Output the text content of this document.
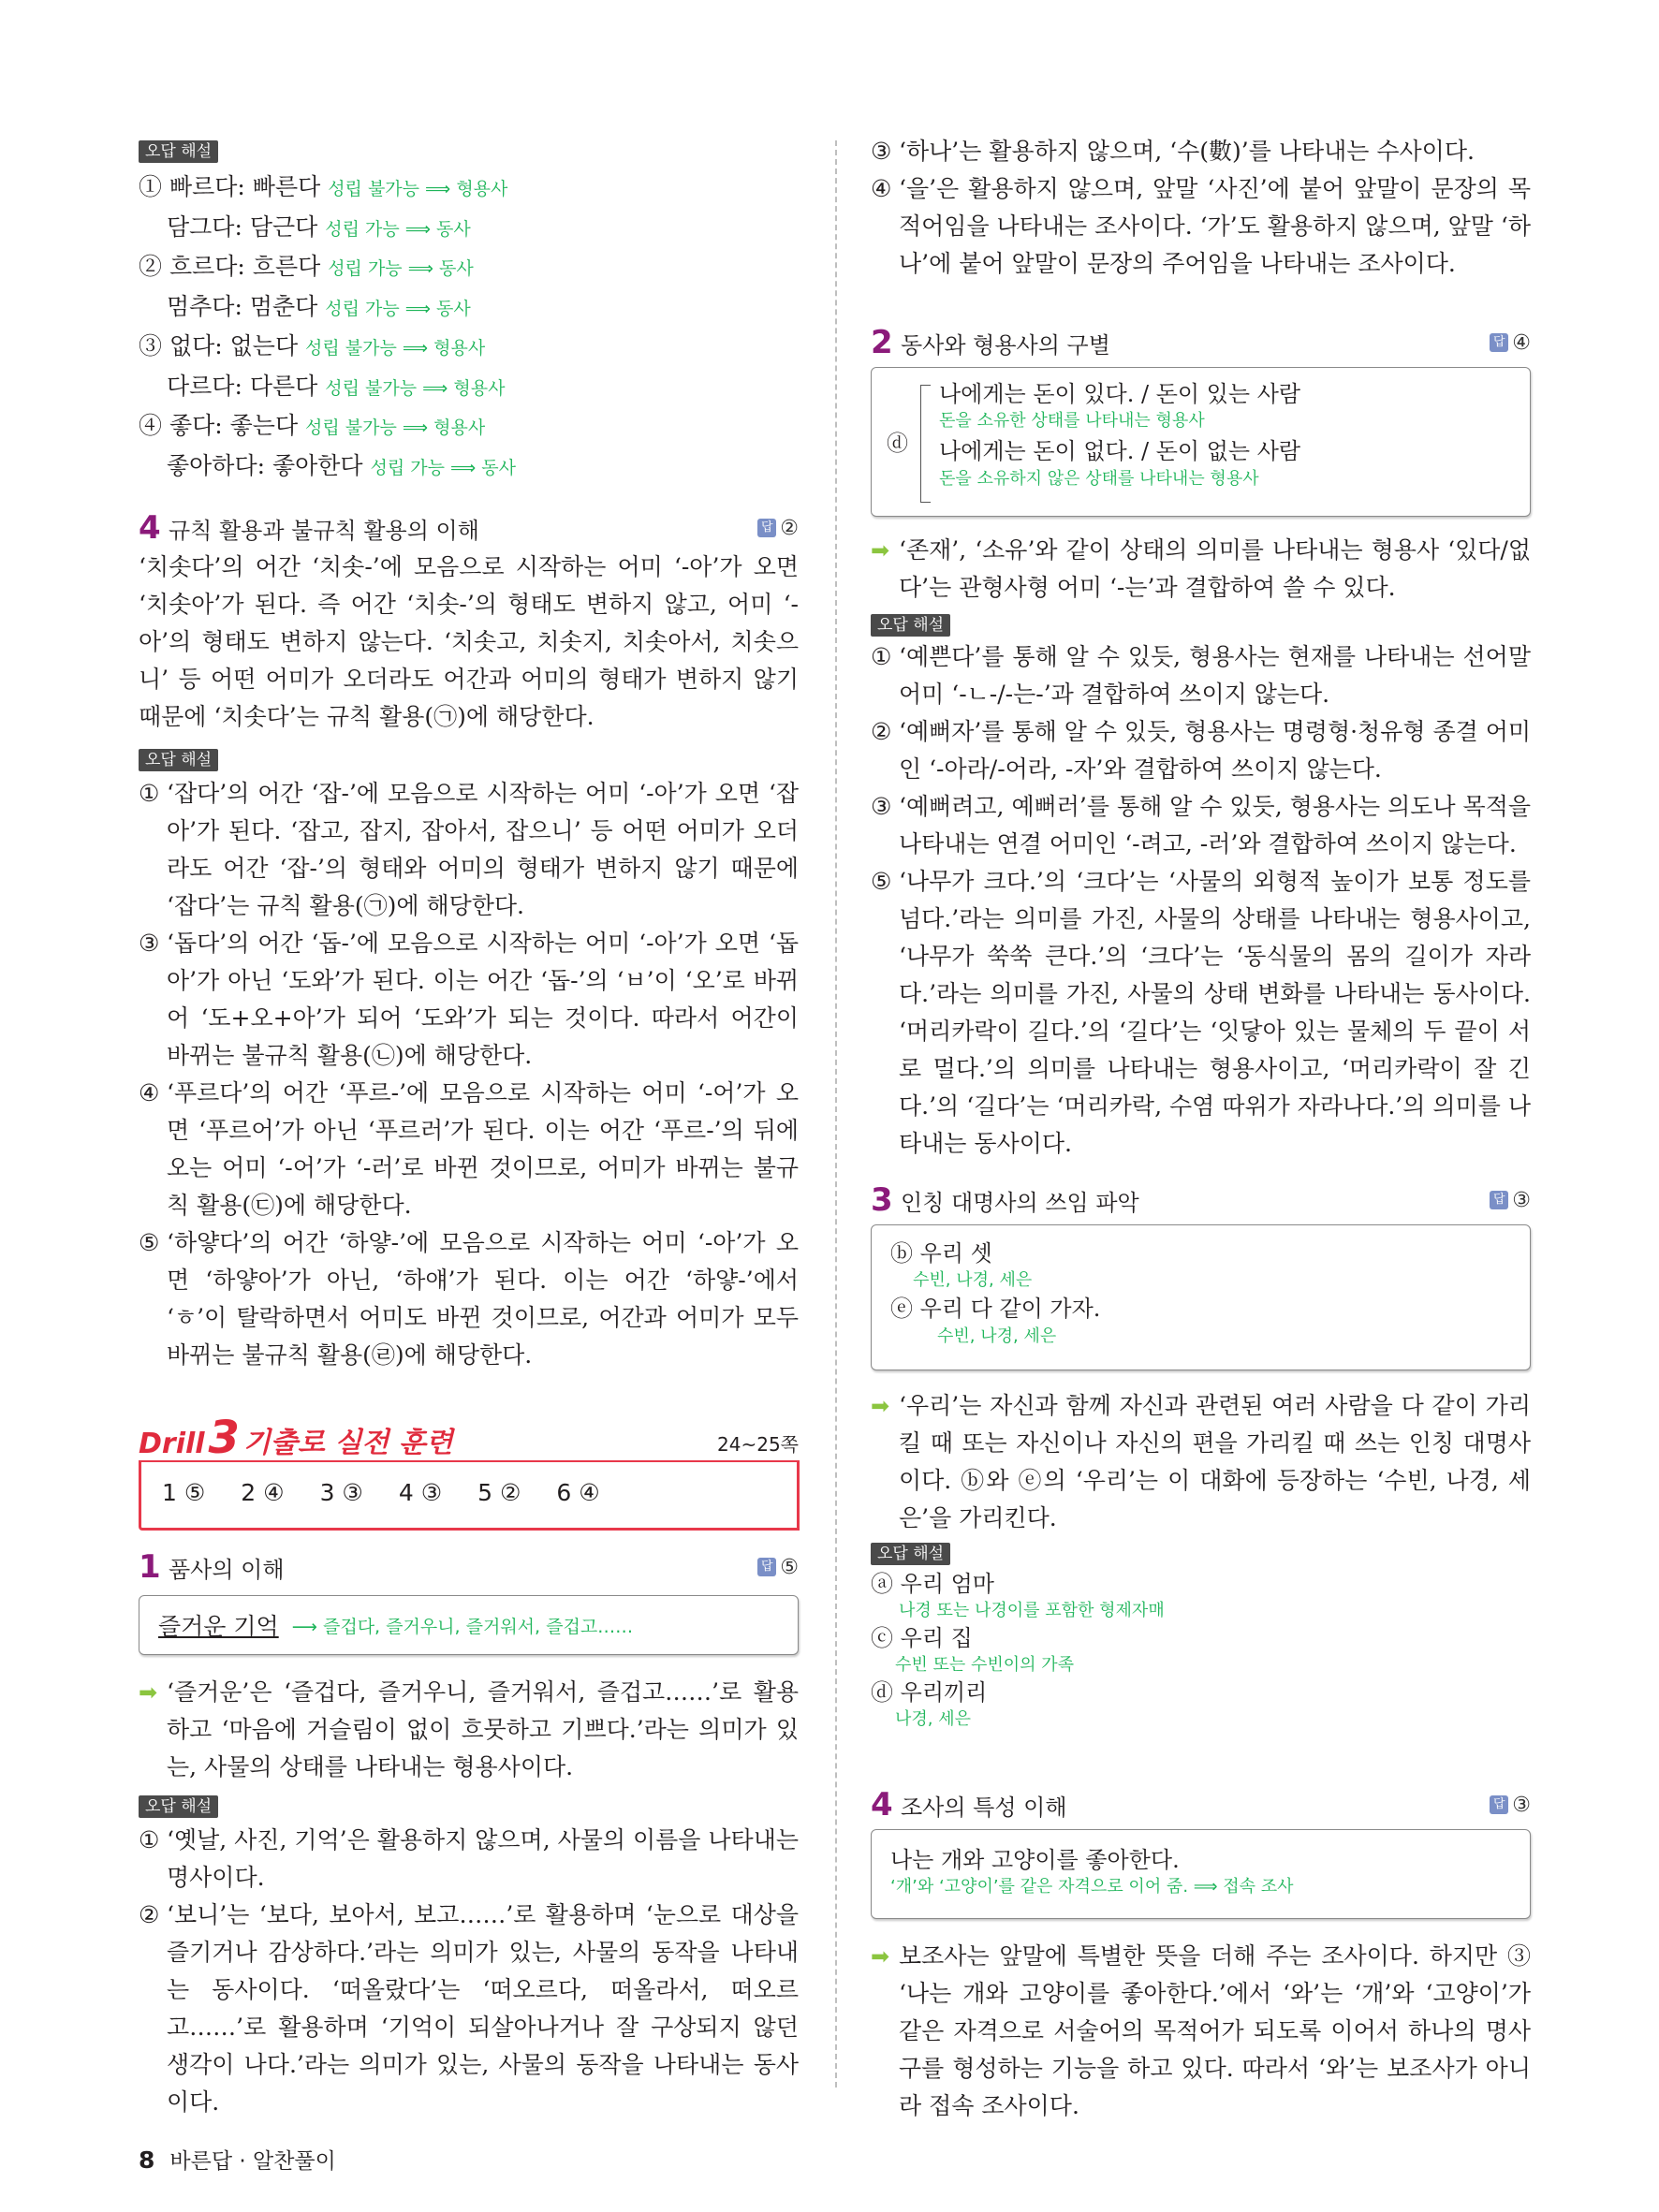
오답 해설
① 빠르다: 빠른다 성립 불가능 ⟹ 형용사
담그다: 담근다 성립 가능 ⟹ 동사
② 흐르다: 흐른다 성립 가능 ⟹ 동사
멈추다: 멈춘다 성립 가능 ⟹ 동사
③ 없다: 없는다 성립 불가능 ⟹ 형용사
다르다: 다른다 성립 불가능 ⟹ 형용사
④ 좋다: 좋는다 성립 불가능 ⟹ 형용사
좋아하다: 좋아한다 성립 가능 ⟹ 동사
4 규칙 활용과 불규칙 활용의 이해	답 ②

‘치솟다’의 어간 ‘치솟-’에 모음으로 시작하는 어미 ‘-아’가 오면 ‘치솟아’가 된다. 즉 어간 ‘치솟-’의 형태도 변하지 않고, 어미 ‘-아’의 형태도 변하지 않는다. ‘치솟고, 치솟지, 치솟아서, 치솟으니’ 등 어떤 어미가 오더라도 어간과 어미의 형태가 변하지 않기 때문에 ‘치솟다’는 규칙 활용(㉠)에 해당한다.

오답 해설

① ‘잡다’의 어간 ‘잡-’에 모음으로 시작하는 어미 ‘-아’가 오면 ‘잡아’가 된다. ‘잡고, 잡지, 잡아서, 잡으니’ 등 어떤 어미가 오더라도 어간 ‘잡-’의 형태와 어미의 형태가 변하지 않기 때문에 ‘잡다’는 규칙 활용(㉠)에 해당한다.

③ ‘돕다’의 어간 ‘돕-’에 모음으로 시작하는 어미 ‘-아’가 오면 ‘돕아’가 아닌 ‘도와’가 된다. 이는 어간 ‘돕-’의 ‘ㅂ’이 ‘오’로 바뀌어 ‘도+오+아’가 되어 ‘도와’가 되는 것이다. 따라서 어간이 바뀌는 불규칙 활용(㉡)에 해당한다.

④ ‘푸르다’의 어간 ‘푸르-’에 모음으로 시작하는 어미 ‘-어’가 오면 ‘푸르어’가 아닌 ‘푸르러’가 된다. 이는 어간 ‘푸르-’의 뒤에 오는 어미 ‘-어’가 ‘-러’로 바뀐 것이므로, 어미가 바뀌는 불규칙 활용(㉢)에 해당한다.

⑤ ‘하얗다’의 어간 ‘하얗-’에 모음으로 시작하는 어미 ‘-아’가 오면 ‘하얗아’가 아닌, ‘하얘’가 된다. 이는 어간 ‘하얗-’에서 ‘ㅎ’이 탈락하면서 어미도 바뀐 것이므로, 어간과 어미가 모두 바뀌는 불규칙 활용(㉣)에 해당한다.

Drill 3 기출로 실전 훈련	24~25쪽
1 ⑤ 2 ④ 3 ③ 4 ③ 5 ② 6 ④
1 품사의 이해	답 ⑤
즐거운 기억 ⟶ 즐겁다, 즐거우니, 즐거워서, 즐겁고……

➡ ‘즐거운’은 ‘즐겁다, 즐거우니, 즐거워서, 즐겁고……’로 활용하고 ‘마음에 거슬림이 없이 흐뭇하고 기쁘다.’라는 의미가 있는, 사물의 상태를 나타내는 형용사이다.

오답 해설

① ‘옛날, 사진, 기억’은 활용하지 않으며, 사물의 이름을 나타내는 명사이다.

② ‘보니’는 ‘보다, 보아서, 보고……’로 활용하며 ‘눈으로 대상을 즐기거나 감상하다.’라는 의미가 있는, 사물의 동작을 나타내는 동사이다. ‘떠올랐다’는 ‘떠오르다, 떠올라서, 떠오르고……’로 활용하며 ‘기억이 되살아나거나 잘 구상되지 않던 생각이 나다.’라는 의미가 있는, 사물의 동작을 나타내는 동사이다.

③ ‘하나’는 활용하지 않으며, ‘수(數)’를 나타내는 수사이다.

④ ‘을’은 활용하지 않으며, 앞말 ‘사진’에 붙어 앞말이 문장의 목적어임을 나타내는 조사이다. ‘가’도 활용하지 않으며, 앞말 ‘하나’에 붙어 앞말이 문장의 주어임을 나타내는 조사이다.

2 동사와 형용사의 구별	답 ④
ⓓ
나에게는 돈이 있다. / 돈이 있는 사람
돈을 소유한 상태를 나타내는 형용사
나에게는 돈이 없다. / 돈이 없는 사람
돈을 소유하지 않은 상태를 나타내는 형용사

➡ ‘존재’, ‘소유’와 같이 상태의 의미를 나타내는 형용사 ‘있다/없다’는 관형사형 어미 ‘-는’과 결합하여 쓸 수 있다.

오답 해설

① ‘예쁜다’를 통해 알 수 있듯, 형용사는 현재를 나타내는 선어말 어미 ‘-ㄴ-/-는-’과 결합하여 쓰이지 않는다.

② ‘예뻐자’를 통해 알 수 있듯, 형용사는 명령형·청유형 종결 어미인 ‘-아라/-어라, -자’와 결합하여 쓰이지 않는다.

③ ‘예뻐려고, 예뻐러’를 통해 알 수 있듯, 형용사는 의도나 목적을 나타내는 연결 어미인 ‘-려고, -러’와 결합하여 쓰이지 않는다.

⑤ ‘나무가 크다.’의 ‘크다’는 ‘사물의 외형적 높이가 보통 정도를 넘다.’라는 의미를 가진, 사물의 상태를 나타내는 형용사이고, ‘나무가 쑥쑥 큰다.’의 ‘크다’는 ‘동식물의 몸의 길이가 자라다.’라는 의미를 가진, 사물의 상태 변화를 나타내는 동사이다. ‘머리카락이 길다.’의 ‘길다’는 ‘잇닿아 있는 물체의 두 끝이 서로 멀다.’의 의미를 나타내는 형용사이고, ‘머리카락이 잘 긴다.’의 ‘길다’는 ‘머리카락, 수염 따위가 자라나다.’의 의미를 나타내는 동사이다.

3 인칭 대명사의 쓰임 파악	답 ③
ⓑ 우리 셋
수빈, 나경, 세은
ⓔ 우리 다 같이 가자.
수빈, 나경, 세은

➡ ‘우리’는 자신과 함께 자신과 관련된 여러 사람을 다 같이 가리킬 때 또는 자신이나 자신의 편을 가리킬 때 쓰는 인칭 대명사이다. ⓑ와 ⓔ의 ‘우리’는 이 대화에 등장하는 ‘수빈, 나경, 세은’을 가리킨다.

오답 해설
ⓐ 우리 엄마
나경 또는 나경이를 포함한 형제자매
ⓒ 우리 집
수빈 또는 수빈이의 가족
ⓓ 우리끼리
나경, 세은
4 조사의 특성 이해	답 ③
나는 개와 고양이를 좋아한다.
‘개’와 ‘고양이’를 같은 자격으로 이어 줌. ⟹ 접속 조사

➡ 보조사는 앞말에 특별한 뜻을 더해 주는 조사이다. 하지만 ③ ‘나는 개와 고양이를 좋아한다.’에서 ‘와’는 ‘개’와 ‘고양이’가 같은 자격으로 서술어의 목적어가 되도록 이어서 하나의 명사구를 형성하는 기능을 하고 있다. 따라서 ‘와’는 보조사가 아니라 접속 조사이다.

8 바른답 · 알찬풀이
